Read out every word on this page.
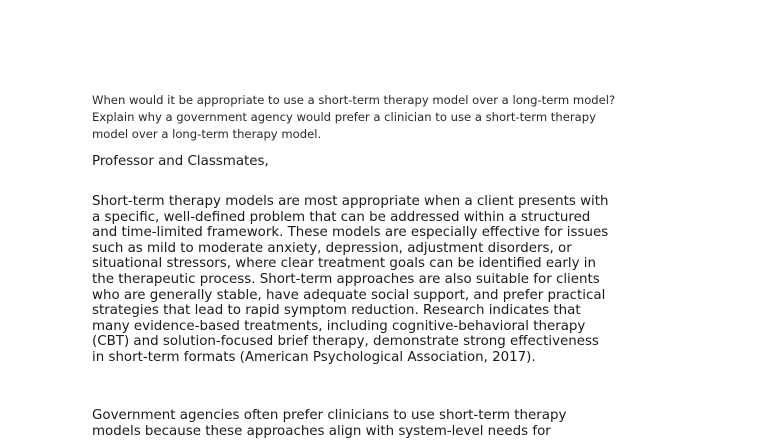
When would it be appropriate to use a short-term therapy model over a long-term model?
Explain why a government agency would prefer a clinician to use a short-term therapy
model over a long-term therapy model.
Professor and Classmates,
Short-term therapy models are most appropriate when a client presents with
a specific, well-defined problem that can be addressed within a structured
and time-limited framework. These models are especially effective for issues
such as mild to moderate anxiety, depression, adjustment disorders, or
situational stressors, where clear treatment goals can be identified early in
the therapeutic process. Short-term approaches are also suitable for clients
who are generally stable, have adequate social support, and prefer practical
strategies that lead to rapid symptom reduction. Research indicates that
many evidence-based treatments, including cognitive-behavioral therapy
(CBT) and solution-focused brief therapy, demonstrate strong effectiveness
in short-term formats (American Psychological Association, 2017).
Government agencies often prefer clinicians to use short-term therapy
models because these approaches align with system-level needs for
